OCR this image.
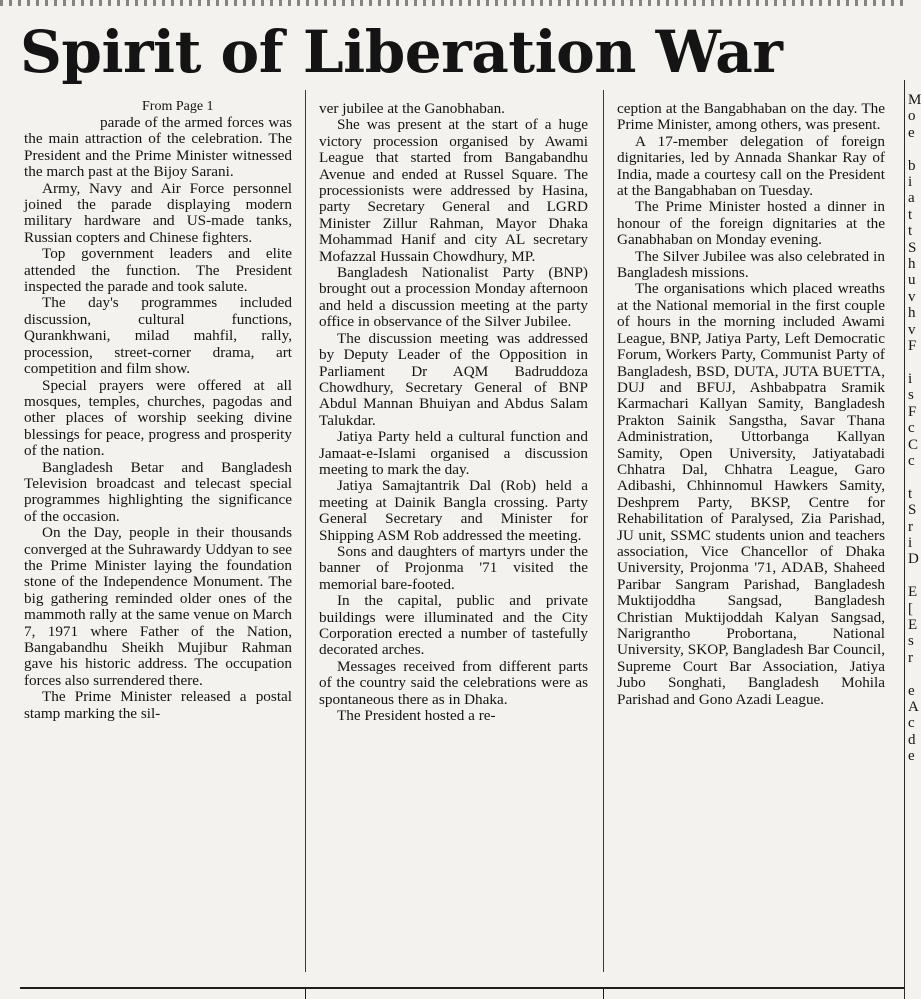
Spirit of Liberation War

From Page 1

parade of the armed forces was the main attraction of the celebration. The President and the Prime Minister witnessed the march past at the Bijoy Sarani.

Army, Navy and Air Force personnel joined the parade displaying modern military hardware and US-made tanks, Russian copters and Chinese fighters.

Top government leaders and elite attended the function. The President inspected the parade and took salute.

The day's programmes included discussion, cultural functions, Qurankhwani, milad mahfil, rally, procession, street-corner drama, art competition and film show.

Special prayers were offered at all mosques, temples, churches, pagodas and other places of worship seeking divine blessings for peace, progress and prosperity of the nation.

Bangladesh Betar and Bangladesh Television broadcast and telecast special programmes highlighting the significance of the occasion.

On the Day, people in their thousands converged at the Suhrawardy Uddyan to see the Prime Minister laying the foundation stone of the Independence Monument. The big gathering reminded older ones of the mammoth rally at the same venue on March 7, 1971 where Father of the Nation, Bangabandhu Sheikh Mujibur Rahman gave his historic address. The occupation forces also surrendered there.

The Prime Minister released a postal stamp marking the sil-

ver jubilee at the Ganobhaban.

She was present at the start of a huge victory procession organised by Awami League that started from Bangabandhu Avenue and ended at Russel Square. The processionists were addressed by Hasina, party Secretary General and LGRD Minister Zillur Rahman, Mayor Dhaka Mohammad Hanif and city AL secretary Mofazzal Hussain Chowdhury, MP.

Bangladesh Nationalist Party (BNP) brought out a procession Monday afternoon and held a discussion meeting at the party office in observance of the Silver Jubilee.

The discussion meeting was addressed by Deputy Leader of the Opposition in Parliament Dr AQM Badruddoza Chowdhury, Secretary General of BNP Abdul Mannan Bhuiyan and Abdus Salam Talukdar.

Jatiya Party held a cultural function and Jamaat-e-Islami organised a discussion meeting to mark the day.

Jatiya Samajtantrik Dal (Rob) held a meeting at Dainik Bangla crossing. Party General Secretary and Minister for Shipping ASM Rob addressed the meeting.

Sons and daughters of martyrs under the banner of Projonma '71 visited the memorial bare-footed.

In the capital, public and private buildings were illuminated and the City Corporation erected a number of tastefully decorated arches.

Messages received from different parts of the country said the celebrations were as spontaneous there as in Dhaka.

The President hosted a re-

ception at the Bangabhaban on the day. The Prime Minister, among others, was present.

A 17-member delegation of foreign dignitaries, led by Annada Shankar Ray of India, made a courtesy call on the President at the Bangabhaban on Tuesday.

The Prime Minister hosted a dinner in honour of the foreign dignitaries at the Ganabhaban on Monday evening.

The Silver Jubilee was also celebrated in Bangladesh missions.

The organisations which placed wreaths at the National memorial in the first couple of hours in the morning included Awami League, BNP, Jatiya Party, Left Democratic Forum, Workers Party, Communist Party of Bangladesh, BSD, DUTA, JUTA BUETTA, DUJ and BFUJ, Ashbabpatra Sramik Karmachari Kallyan Samity, Bangladesh Prakton Sainik Sangstha, Savar Thana Administration, Uttorbanga Kallyan Samity, Open University, Jatiyatabadi Chhatra Dal, Chhatra League, Garo Adibashi, Chhinnomul Hawkers Samity, Deshprem Party, BKSP, Centre for Rehabilitation of Paralysed, Zia Parishad, JU unit, SSMC students union and teachers association, Vice Chancellor of Dhaka University, Projonma '71, ADAB, Shaheed Paribar Sangram Parishad, Bangladesh Muktijoddha Sangsad, Bangladesh Christian Muktijoddah Kalyan Sangsad, Narigrantho Probortana, National University, SKOP, Bangladesh Bar Council, Supreme Court Bar Association, Jatiya Jubo Songhati, Bangladesh Mohila Parishad and Gono Azadi League.

M
o
e

b
i
a
t
t
S
h
u
v
h
v
F

i
s
F
c
C
c

t
S
r
i
D

E
[
E
s
r

e
A
c
d
e
